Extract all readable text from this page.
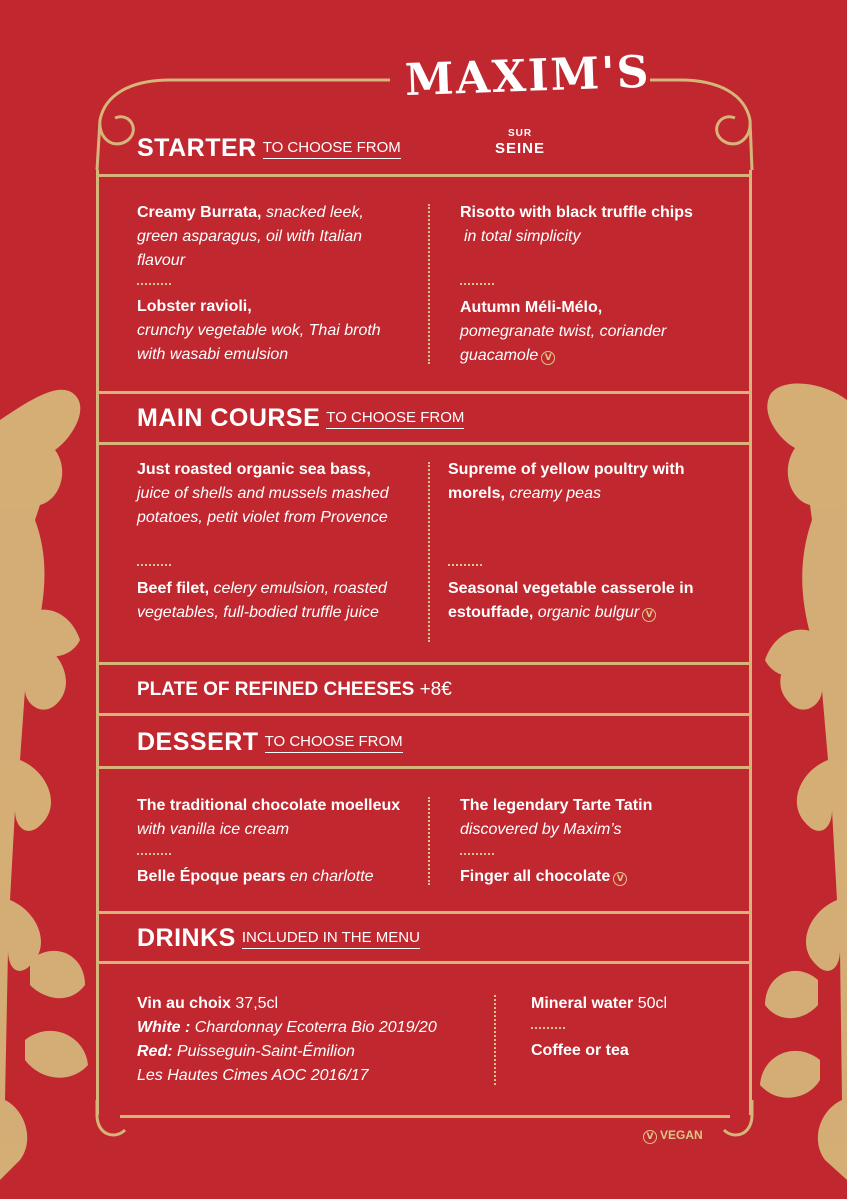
MAXIM'S
SUR
SEINE
STARTER TO CHOOSE FROM
Creamy Burrata, snacked leek, green asparagus, oil with Italian flavour
Lobster ravioli,
crunchy vegetable wok, Thai broth with wasabi emulsion
Risotto with black truffle chips
in total simplicity
Autumn Méli-Mélo,
pomegranate twist, coriander guacamole V
MAIN COURSE TO CHOOSE FROM
Just roasted organic sea bass,
juice of shells and mussels mashed potatoes, petit violet from Provence
Beef filet, celery emulsion, roasted vegetables, full-bodied truffle juice
Supreme of yellow poultry with morels, creamy peas
Seasonal vegetable casserole in estouffade, organic bulgur V
PLATE OF REFINED CHEESES +8€
DESSERT TO CHOOSE FROM
The traditional chocolate moelleux with vanilla ice cream
Belle Époque pears en charlotte
The legendary Tarte Tatin
discovered by Maxim’s
Finger all chocolate V
DRINKS INCLUDED IN THE MENU
Vin au choix 37,5cl
White : Chardonnay Ecoterra Bio 2019/20
Red: Puisseguin-Saint-Émilion
Les Hautes Cimes AOC 2016/17
Mineral water 50cl
Coffee or tea
V VEGAN
